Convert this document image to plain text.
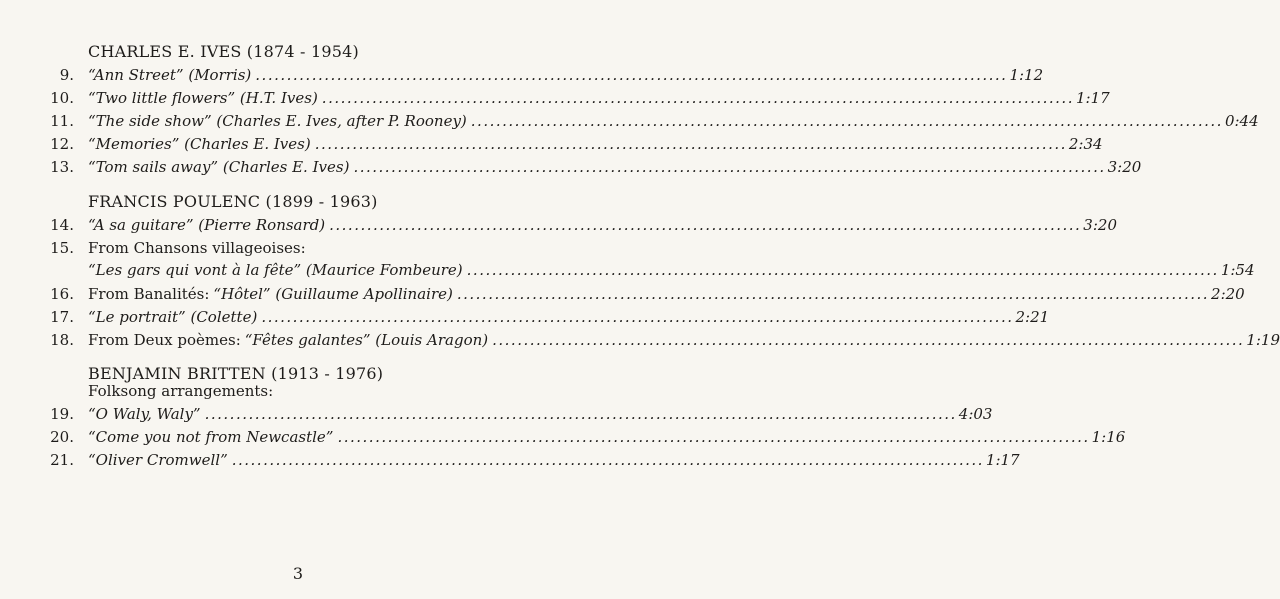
CHARLES E. IVES (1874 - 1954)
9. “Ann Street” (Morris) ........................................................................................................................ 1:12
10. “Two little flowers” (H.T. Ives) ........................................................................................................................ 1:17
11. “The side show” (Charles E. Ives, after P. Rooney) ........................................................................................................................ 0:44
12. “Memories” (Charles E. Ives) ........................................................................................................................ 2:34
13. “Tom sails away” (Charles E. Ives) ........................................................................................................................ 3:20
FRANCIS POULENC (1899 - 1963)
14. “A sa guitare” (Pierre Ronsard) ........................................................................................................................ 3:20
15. From Chansons villageoises:
“Les gars qui vont à la fête” (Maurice Fombeure) ........................................................................................................................ 1:54
16. From Banalités: “Hôtel” (Guillaume Apollinaire) ........................................................................................................................ 2:20
17. “Le portrait” (Colette) ........................................................................................................................ 2:21
18. From Deux poèmes: “Fêtes galantes” (Louis Aragon) ........................................................................................................................ 1:19
BENJAMIN BRITTEN (1913 - 1976)
Folksong arrangements:
19. “O Waly, Waly” ........................................................................................................................ 4:03
20. “Come you not from Newcastle” ........................................................................................................................ 1:16
21. “Oliver Cromwell” ........................................................................................................................ 1:17
3
